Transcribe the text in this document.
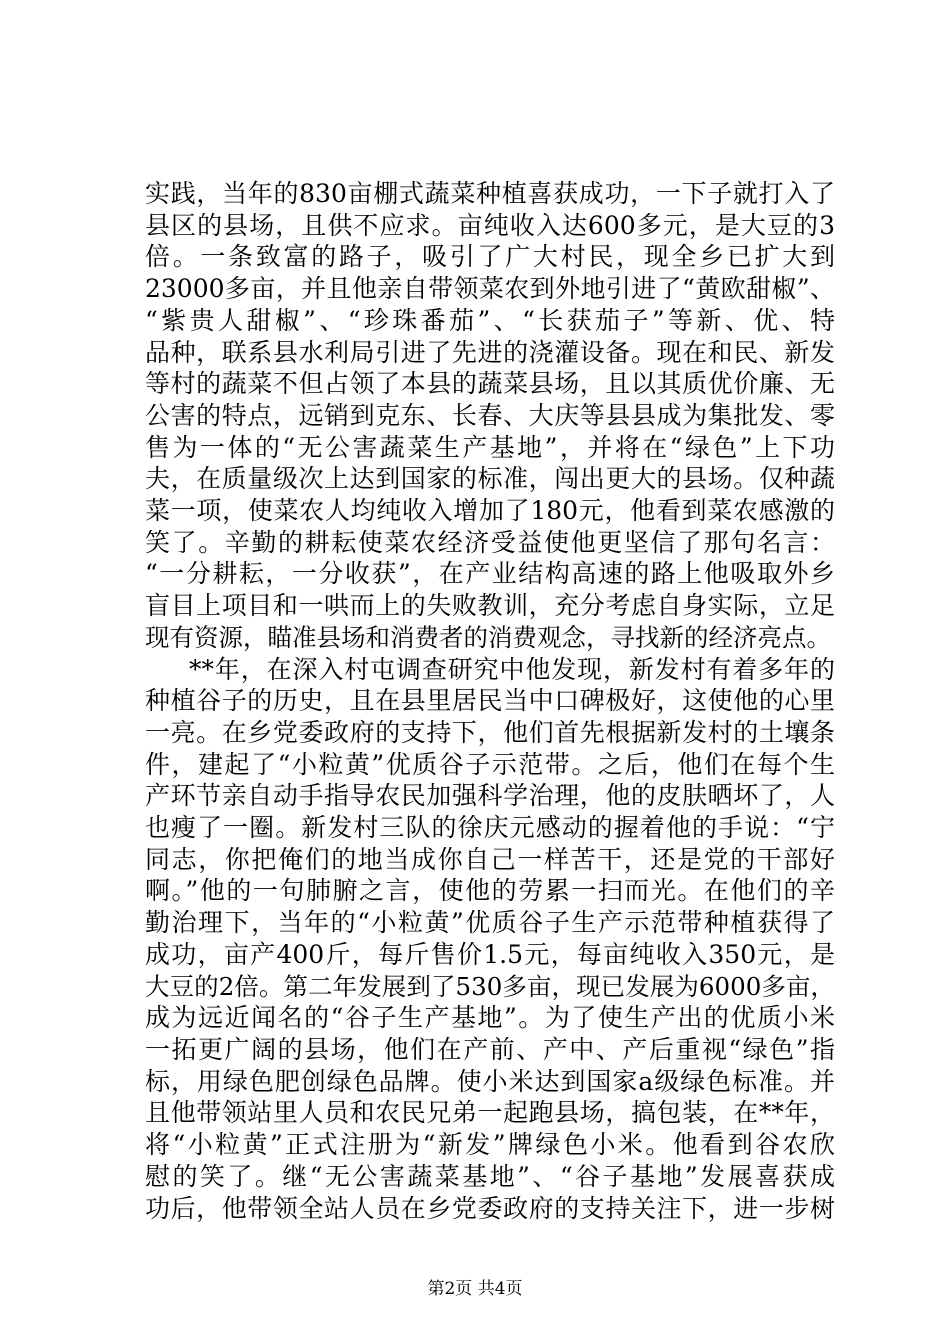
实践，当年的830亩棚式蔬菜种植喜获成功，一下子就打入了
县区的县场，且供不应求。亩纯收入达600多元，是大豆的3
倍。一条致富的路子，吸引了广大村民，现全乡已扩大到
23000多亩，并且他亲自带领菜农到外地引进了“黄欧甜椒”、
“紫贵人甜椒”、“珍珠番茄”、“长获茄子”等新、优、特
品种，联系县水利局引进了先进的浇灌设备。现在和民、新发
等村的蔬菜不但占领了本县的蔬菜县场，且以其质优价廉、无
公害的特点，远销到克东、长春、大庆等县县成为集批发、零
售为一体的“无公害蔬菜生产基地”，并将在“绿色”上下功
夫，在质量级次上达到国家的标准，闯出更大的县场。仅种蔬
菜一项，使菜农人均纯收入增加了180元，他看到菜农感激的
笑了。辛勤的耕耘使菜农经济受益使他更坚信了那句名言：
“一分耕耘，一分收获”，在产业结构高速的路上他吸取外乡
盲目上项目和一哄而上的失败教训，充分考虑自身实际，立足
现有资源，瞄准县场和消费者的消费观念，寻找新的经济亮点。
**年，在深入村屯调查研究中他发现，新发村有着多年的
种植谷子的历史，且在县里居民当中口碑极好，这使他的心里
一亮。在乡党委政府的支持下，他们首先根据新发村的土壤条
件，建起了“小粒黄”优质谷子示范带。之后，他们在每个生
产环节亲自动手指导农民加强科学治理，他的皮肤晒坏了，人
也瘦了一圈。新发村三队的徐庆元感动的握着他的手说：“宁
同志，你把俺们的地当成你自己一样苦干，还是党的干部好
啊。”他的一句肺腑之言，使他的劳累一扫而光。在他们的辛
勤治理下，当年的“小粒黄”优质谷子生产示范带种植获得了
成功，亩产400斤，每斤售价1.5元，每亩纯收入350元，是
大豆的2倍。第二年发展到了530多亩，现已发展为6000多亩，
成为远近闻名的“谷子生产基地”。为了使生产出的优质小米
一拓更广阔的县场，他们在产前、产中、产后重视“绿色”指
标，用绿色肥创绿色品牌。使小米达到国家a级绿色标准。并
且他带领站里人员和农民兄弟一起跑县场，搞包装，在**年，
将“小粒黄”正式注册为“新发”牌绿色小米。他看到谷农欣
慰的笑了。继“无公害蔬菜基地”、“谷子基地”发展喜获成
功后，他带领全站人员在乡党委政府的支持关注下，进一步树
第2页 共4页
